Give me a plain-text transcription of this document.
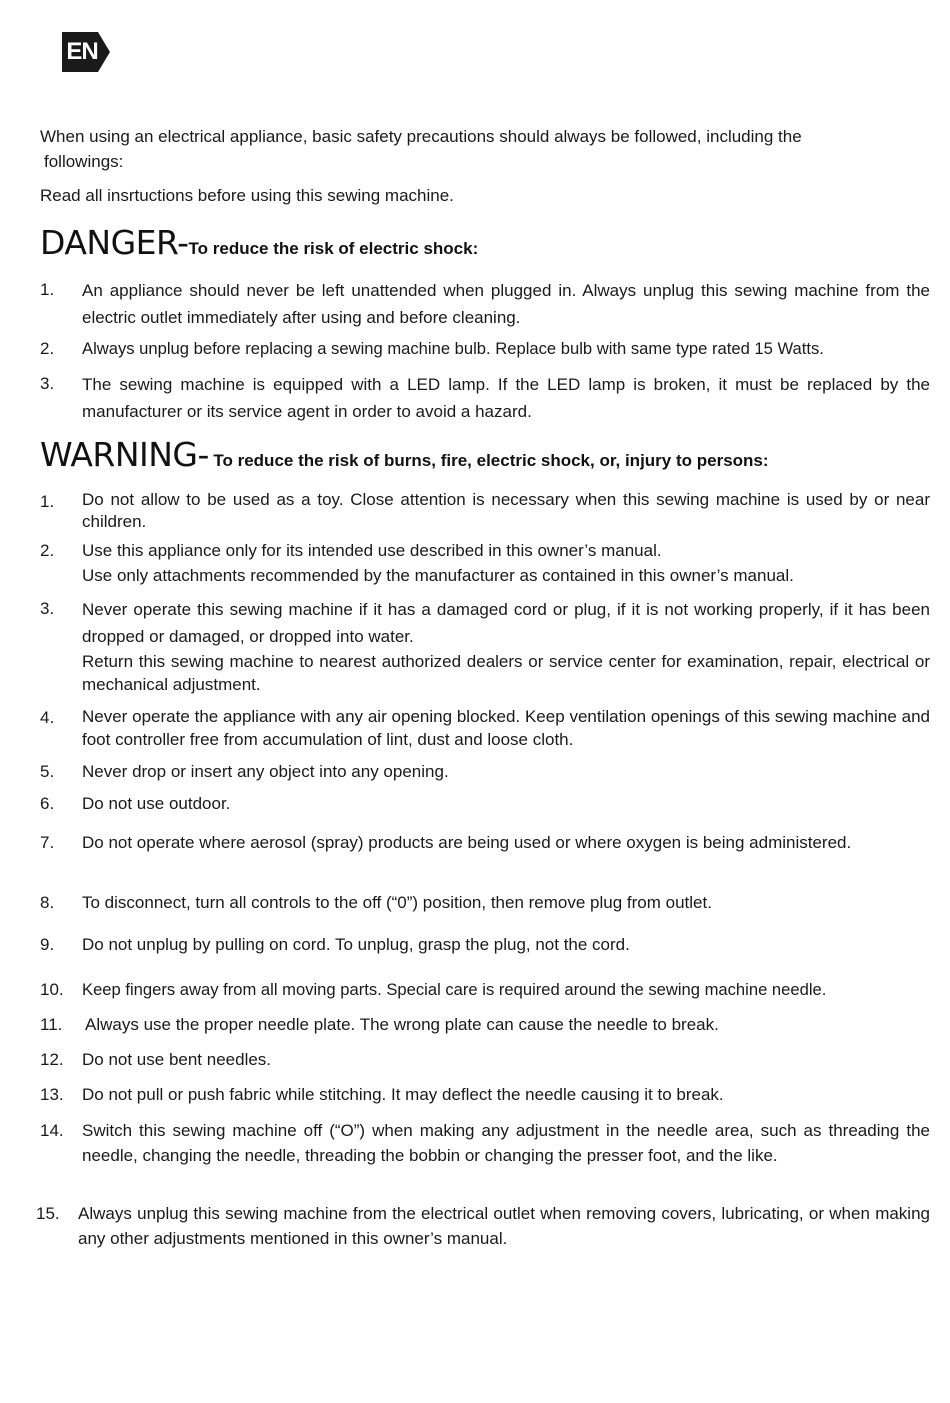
EN

When using an electrical appliance, basic safety precautions should always be followed, including the

followings:

Read all insrtuctions before using this sewing machine.

DANGER-To reduce the risk of electric shock:
1.	An appliance should never be left unattended when plugged in. Always unplug this sewing machine from the electric outlet immediately after using and before cleaning.
2.	Always unplug before replacing a sewing machine bulb. Replace bulb with same type rated 15 Watts.
3.	The sewing machine is equipped with a LED lamp. If the LED lamp is broken, it must be replaced by the manufacturer or its service agent in order to avoid a hazard.
WARNING- To reduce the risk of burns, fire, electric shock, or, injury to persons:
1.	Do not allow to be used as a toy. Close attention is necessary when this sewing machine is used by or near children.
2.	Use this appliance only for its intended use described in this owner’s manual.
Use only attachments recommended by the manufacturer as contained in this owner’s manual.
3.	Never operate this sewing machine if it has a damaged cord or plug, if it is not working properly, if it has been dropped or damaged, or dropped into water.
Return this sewing machine to nearest authorized dealers or service center for examination, repair, electrical or mechanical adjustment.
4.	Never operate the appliance with any air opening blocked. Keep ventilation openings of this sewing machine and foot controller free from accumulation of lint, dust and loose cloth.
5.	Never drop or insert any object into any opening.
6.	Do not use outdoor.
7.	Do not operate where aerosol (spray) products are being used or where oxygen is being administered.
8.	To disconnect, turn all controls to the off (“0”) position, then remove plug from outlet.
9.	Do not unplug by pulling on cord. To unplug, grasp the plug, not the cord.
10.	Keep fingers away from all moving parts. Special care is required around the sewing machine needle.
11.	Always use the proper needle plate. The wrong plate can cause the needle to break.
12.	Do not use bent needles.
13.	Do not pull or push fabric while stitching. It may deflect the needle causing it to break.
14.	Switch this sewing machine off (“O”) when making any adjustment in the needle area, such as threading the needle, changing the needle, threading the bobbin or changing the presser foot, and the like.
15.	Always unplug this sewing machine from the electrical outlet when removing covers, lubricating, or when making any other adjustments mentioned in this owner’s manual.
